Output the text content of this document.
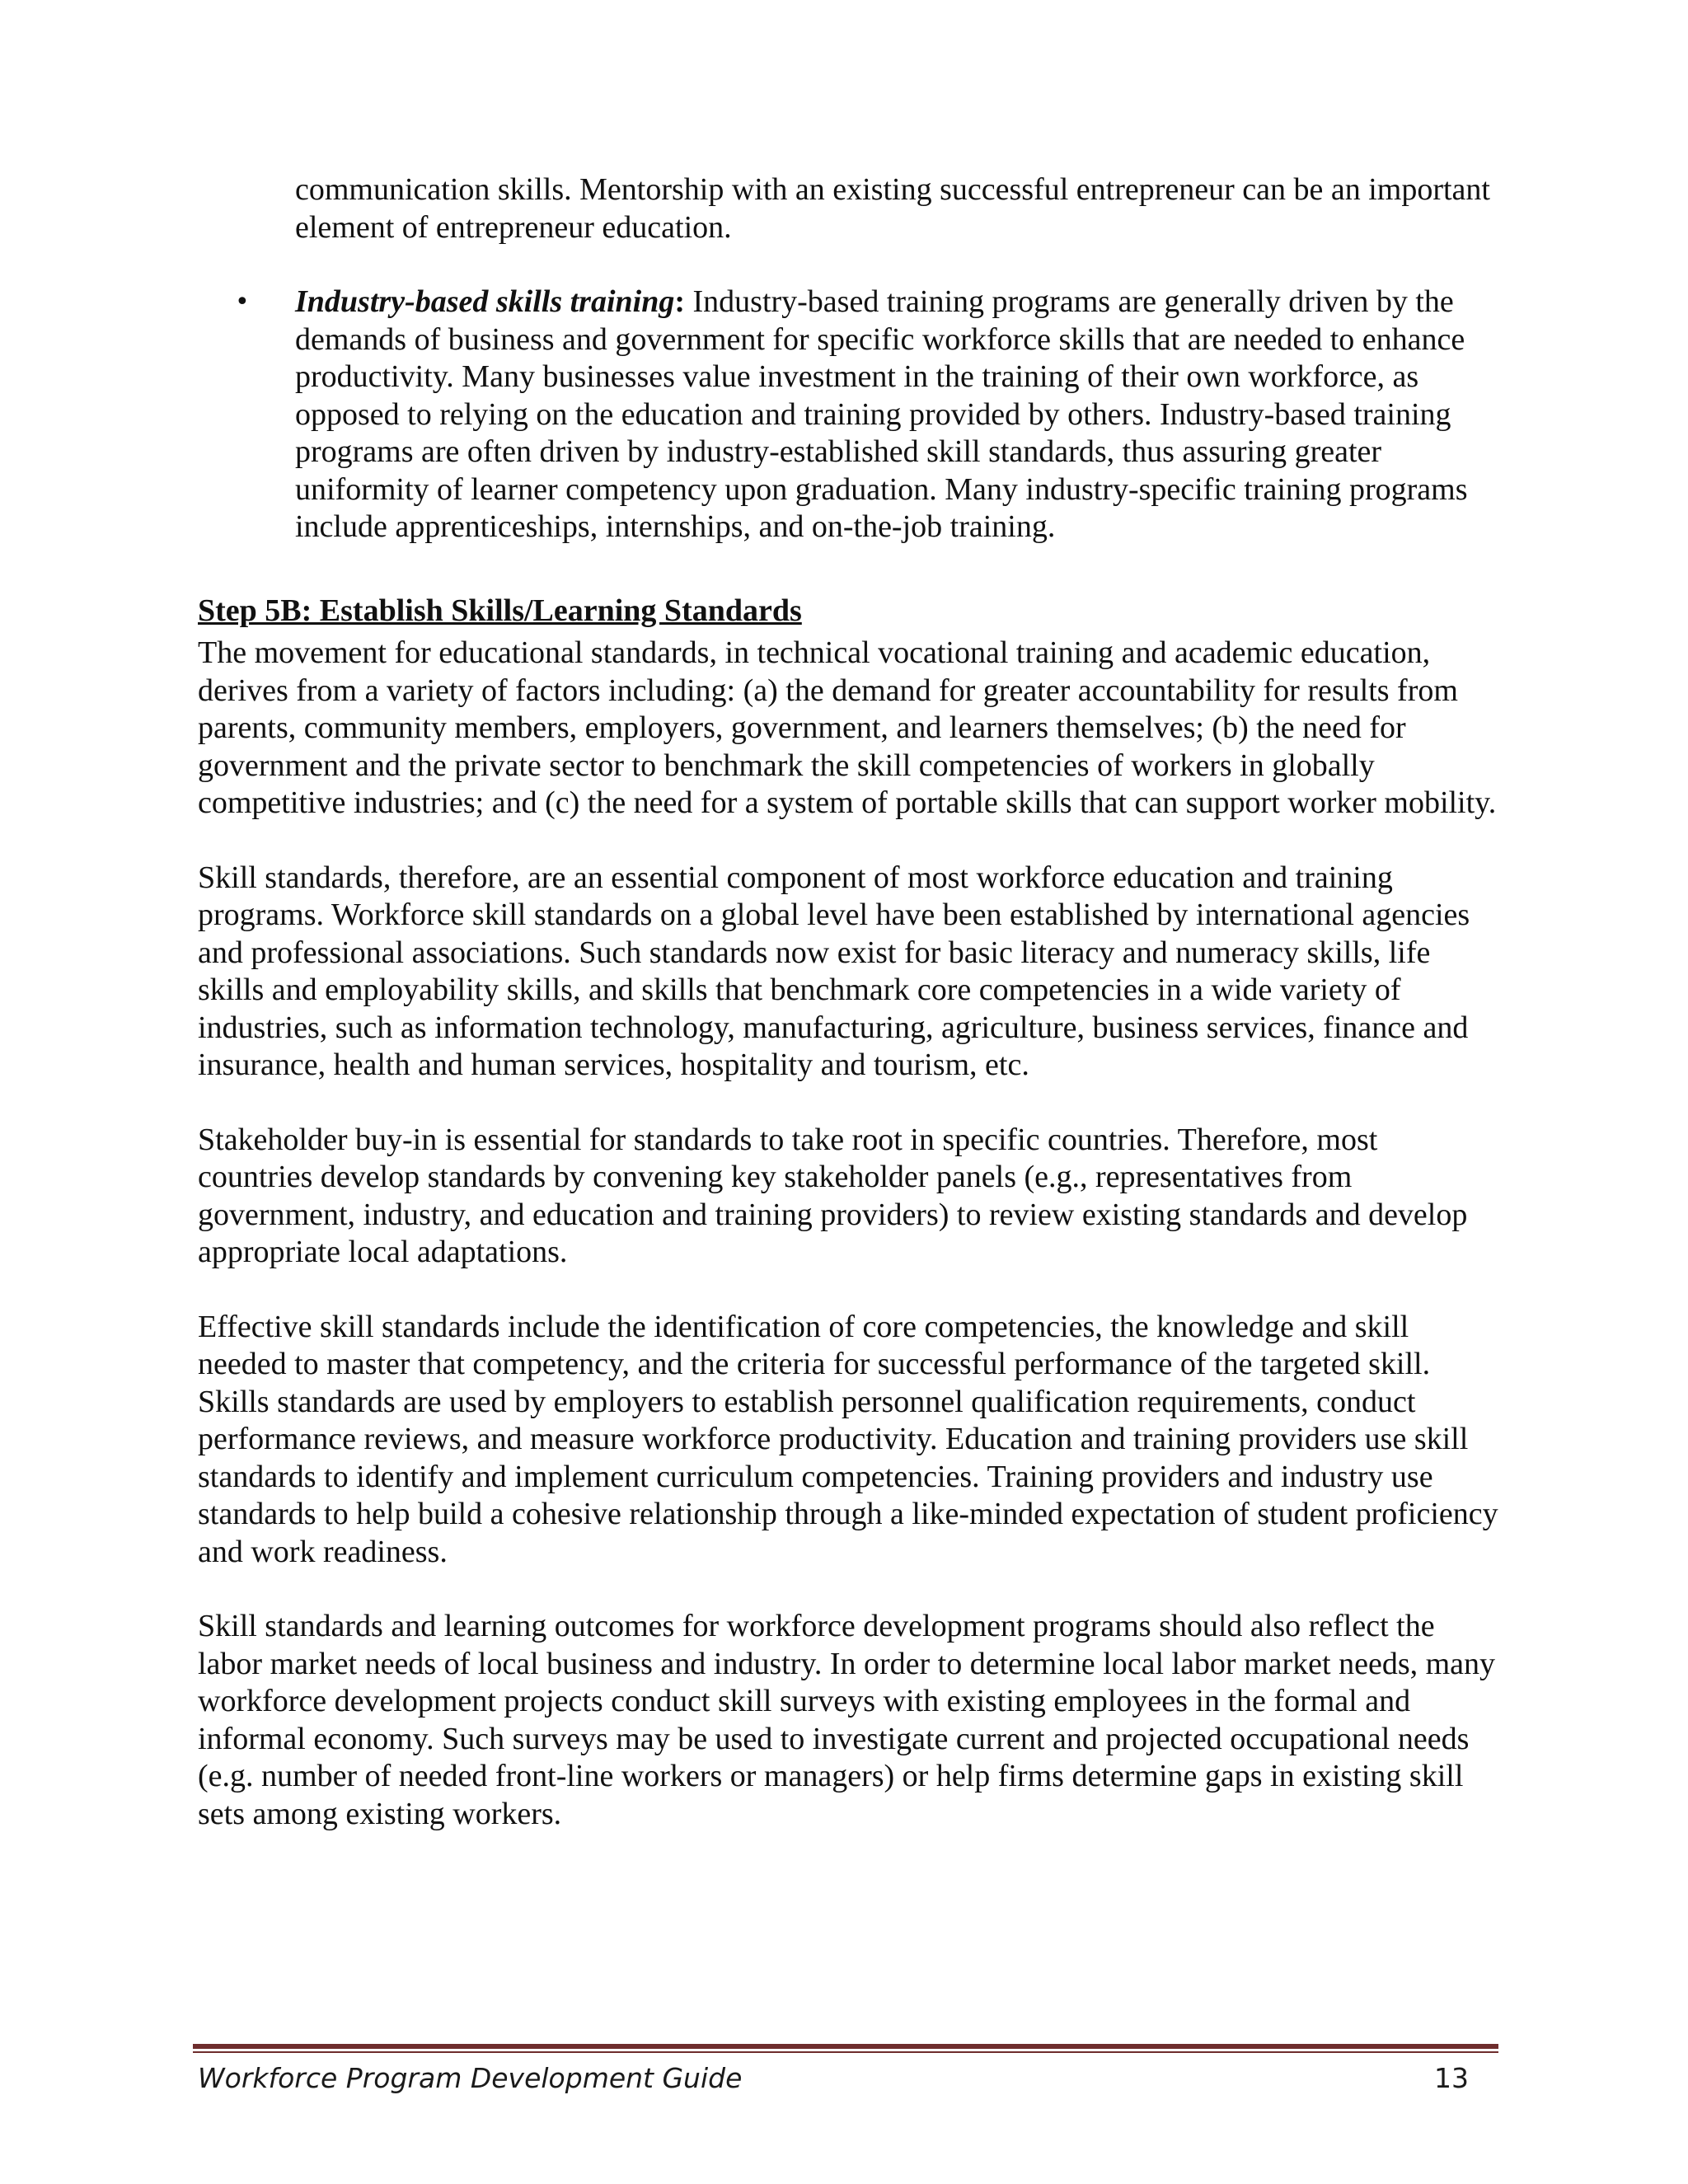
communication skills. Mentorship with an existing successful entrepreneur can be an important element of entrepreneur education.

• Industry-based skills training: Industry-based training programs are generally driven by the demands of business and government for specific workforce skills that are needed to enhance productivity. Many businesses value investment in the training of their own workforce, as opposed to relying on the education and training provided by others. Industry-based training programs are often driven by industry-established skill standards, thus assuring greater uniformity of learner competency upon graduation. Many industry-specific training programs include apprenticeships, internships, and on-the-job training.
Step 5B: Establish Skills/Learning Standards

The movement for educational standards, in technical vocational training and academic education, derives from a variety of factors including: (a) the demand for greater accountability for results from parents, community members, employers, government, and learners themselves; (b) the need for government and the private sector to benchmark the skill competencies of workers in globally competitive industries; and (c) the need for a system of portable skills that can support worker mobility.

Skill standards, therefore, are an essential component of most workforce education and training programs. Workforce skill standards on a global level have been established by international agencies and professional associations. Such standards now exist for basic literacy and numeracy skills, life skills and employability skills, and skills that benchmark core competencies in a wide variety of industries, such as information technology, manufacturing, agriculture, business services, finance and insurance, health and human services, hospitality and tourism, etc.

Stakeholder buy-in is essential for standards to take root in specific countries. Therefore, most countries develop standards by convening key stakeholder panels (e.g., representatives from government, industry, and education and training providers) to review existing standards and develop appropriate local adaptations.

Effective skill standards include the identification of core competencies, the knowledge and skill needed to master that competency, and the criteria for successful performance of the targeted skill. Skills standards are used by employers to establish personnel qualification requirements, conduct performance reviews, and measure workforce productivity. Education and training providers use skill standards to identify and implement curriculum competencies. Training providers and industry use standards to help build a cohesive relationship through a like-minded expectation of student proficiency and work readiness.

Skill standards and learning outcomes for workforce development programs should also reflect the labor market needs of local business and industry. In order to determine local labor market needs, many workforce development projects conduct skill surveys with existing employees in the formal and informal economy. Such surveys may be used to investigate current and projected occupational needs (e.g. number of needed front-line workers or managers) or help firms determine gaps in existing skill sets among existing workers.

Workforce Program Development Guide	13
